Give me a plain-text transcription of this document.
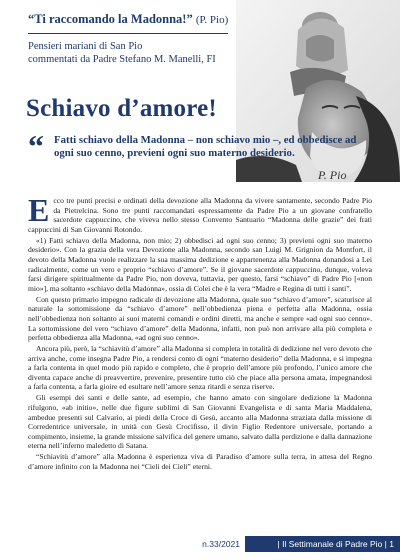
“Ti raccomando la Madonna!” (P. Pio)
Pensieri mariani di San Pio
commentati da Padre Stefano M. Manelli, FI
Schiavo d’amore!
“ Fatti schiavo della Madonna – non schiavo mio –, ed obbedisce ad ogni suo cenno, previeni ogni suo materno desiderio.
P. Pio

Ecco tre punti precisi e ordinati della devozione alla Madonna da vivere santamente, secondo Padre Pio da Pietrelcina. Sono tre punti raccomandati espressamente da Padre Pio a un giovane confratello sacerdote cappuccino, che viveva nello stesso Convento Santuario “Madonna delle grazie” dei frati cappuccini di San Giovanni Rotondo.

«1) Fatti schiavo della Madonna, non mio; 2) obbedisci ad ogni suo cenno; 3) previeni ogni suo materno desiderio». Con la grazia della vera Devozione alla Madonna, secondo san Luigi M. Grignion da Montfort, il devoto della Madonna vuole realizzare la sua massima dedizione e appartenenza alla Madonna donandosi a Lei radicalmente, come un vero e proprio “schiavo d’amore”. Se il giovane sacerdote cappuccino, dunque, voleva farsi dirigere spiritualmente da Padre Pio, non doveva, tuttavia, per questo, farsi “schiavo” di Padre Pio [«non mio»], ma soltanto «schiavo della Madonna», ossia di Colei che è la vera “Madre e Regina di tutti i santi”.

Con questo primario impegno radicale di devozione alla Madonna, quale suo “schiavo d’amore”, scaturisce al naturale la sottomissione da “schiavo d’amore” nell’obbedienza piena e perfetta alla Madonna, ossia nell’obbedienza non soltanto ai suoi materni comandi e ordini diretti, ma anche e sempre «ad ogni suo cenno». La sottomissione del vero “schiavo d’amore” della Madonna, infatti, non può non arrivare alla più completa e perfetta obbedienza alla Madonna, «ad ogni suo cenno».

Ancora più, però, la “schiavitù d’amore” alla Madonna si completa in totalità di dedizione nel vero devoto che arriva anche, come insegna Padre Pio, a rendersi conto di ogni “materno desiderio” della Madonna, e si impegna a farla contenta in quel modo più rapido e completo, che è proprio dell’amore più profondo, l’unico amore che diventa capace anche di preavvertire, prevenire, presentire tutto ciò che piace alla persona amata, impegnandosi a farla contenta, a farla gioire ed esultare nell’amore senza ritardi e senza riserve.

Gli esempi dei santi e delle sante, ad esempio, che hanno amato con singolare dedizione la Madonna rifulgono, «ab initio», nelle due figure sublimi di San Giovanni Evangelista e di santa Maria Maddalena, ambedue presenti sul Calvario, ai piedi della Croce di Gesù, accanto alla Madonna straziata dalla missione di Corredentrice universale, in unità con Gesù Crocifisso, il divin Figlio Redentore universale, portando a compimento, insieme, la grande missione salvifica del genere umano, salvato dalla perdizione e dalla dannazione eterna nell’inferno maledetto di Satana.

“Schiavitù d’amore” alla Madonna è esperienza viva di Paradiso d’amore sulla terra, in attesa del Regno d’amore infinito con la Madonna nei “Cieli dei Cieli” eterni.

n.33/2021	| Il Settimanale di Padre Pio | 1
